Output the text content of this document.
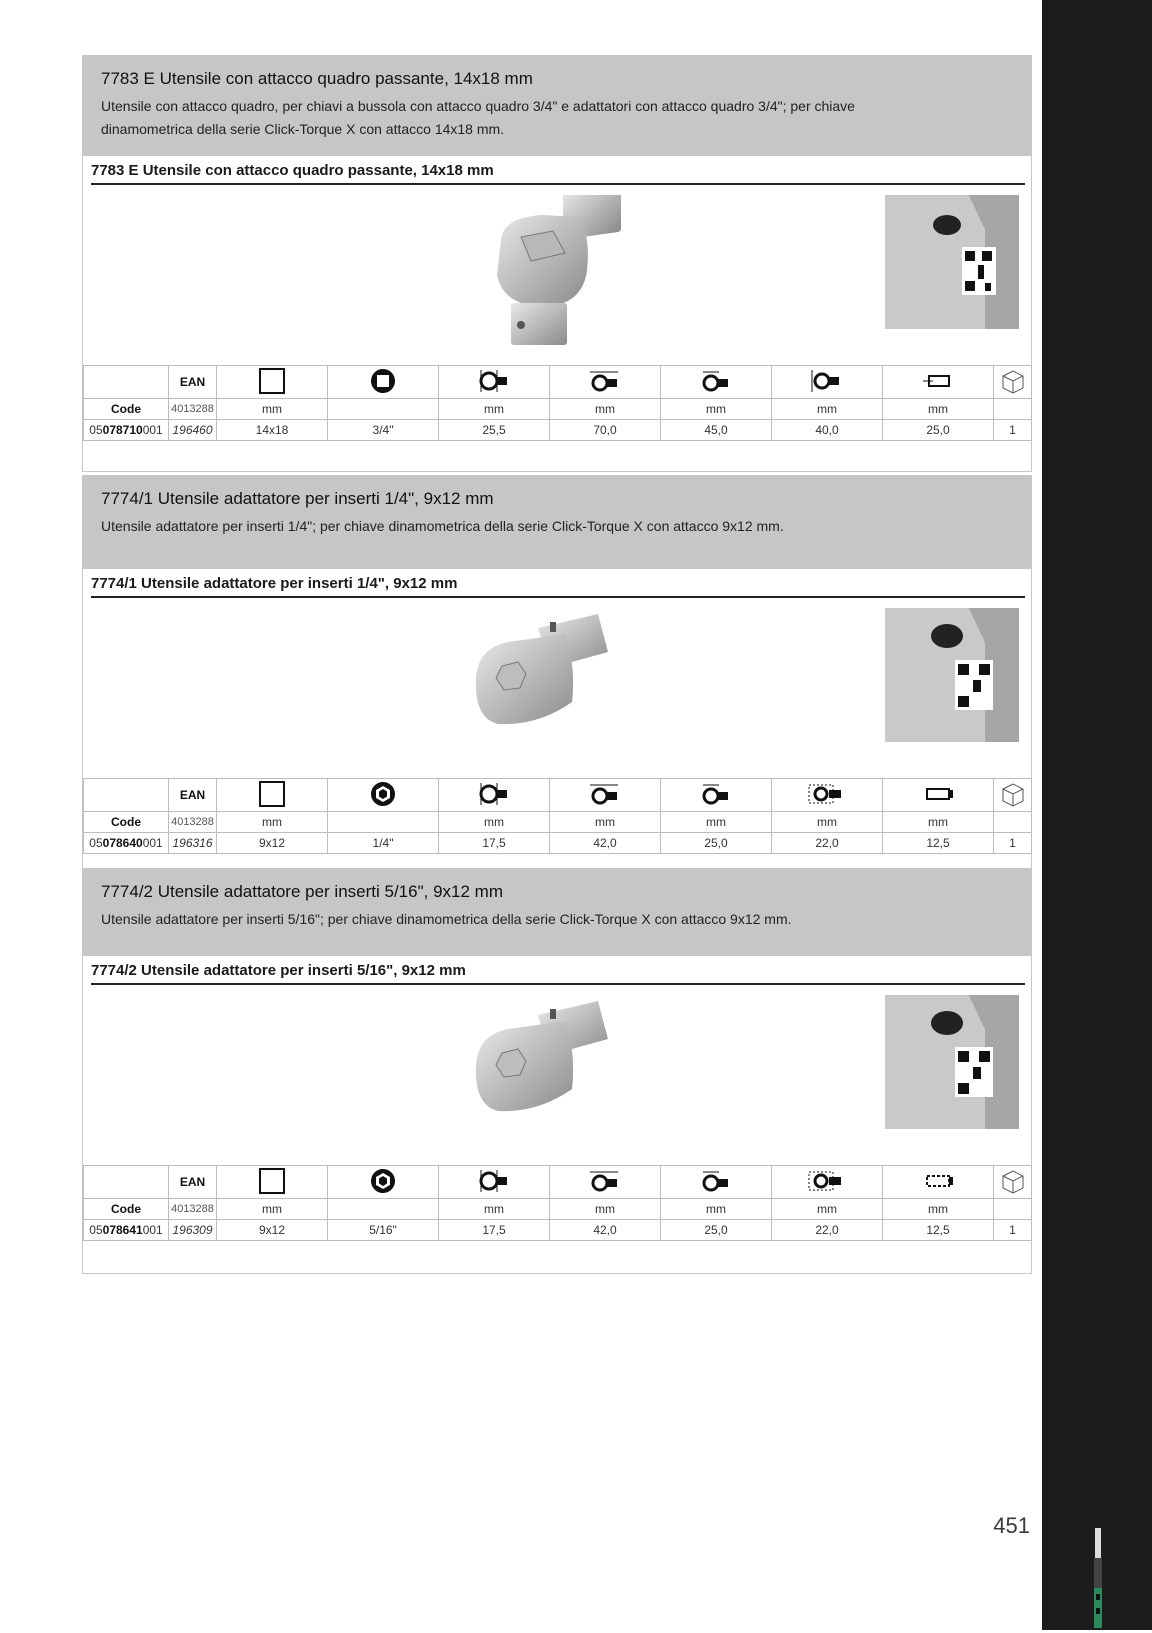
451
7783 E Utensile con attacco quadro passante, 14x18 mm

Utensile con attacco quadro, per chiavi a bussola con attacco quadro 3/4" e adattatori con attacco quadro 3/4"; per chiave
dinamometrica della serie Click-Torque X con attacco 14x18 mm.

7783 E Utensile con attacco quadro passante, 14x18 mm
	EAN								
Code	4013288	mm		mm	mm	mm	mm	mm	
05078710001	196460	14x18	3/4"	25,5	70,0	45,0	40,0	25,0	1
7774/1 Utensile adattatore per inserti 1/4", 9x12 mm

Utensile adattatore per inserti 1/4"; per chiave dinamometrica della serie Click-Torque X con attacco 9x12 mm.

7774/1 Utensile adattatore per inserti 1/4", 9x12 mm
	EAN								
Code	4013288	mm		mm	mm	mm	mm	mm	
05078640001	196316	9x12	1/4"	17,5	42,0	25,0	22,0	12,5	1
7774/2 Utensile adattatore per inserti 5/16", 9x12 mm

Utensile adattatore per inserti 5/16"; per chiave dinamometrica della serie Click-Torque X con attacco 9x12 mm.

7774/2 Utensile adattatore per inserti 5/16", 9x12 mm
	EAN								
Code	4013288	mm		mm	mm	mm	mm	mm	
05078641001	196309	9x12	5/16"	17,5	42,0	25,0	22,0	12,5	1
